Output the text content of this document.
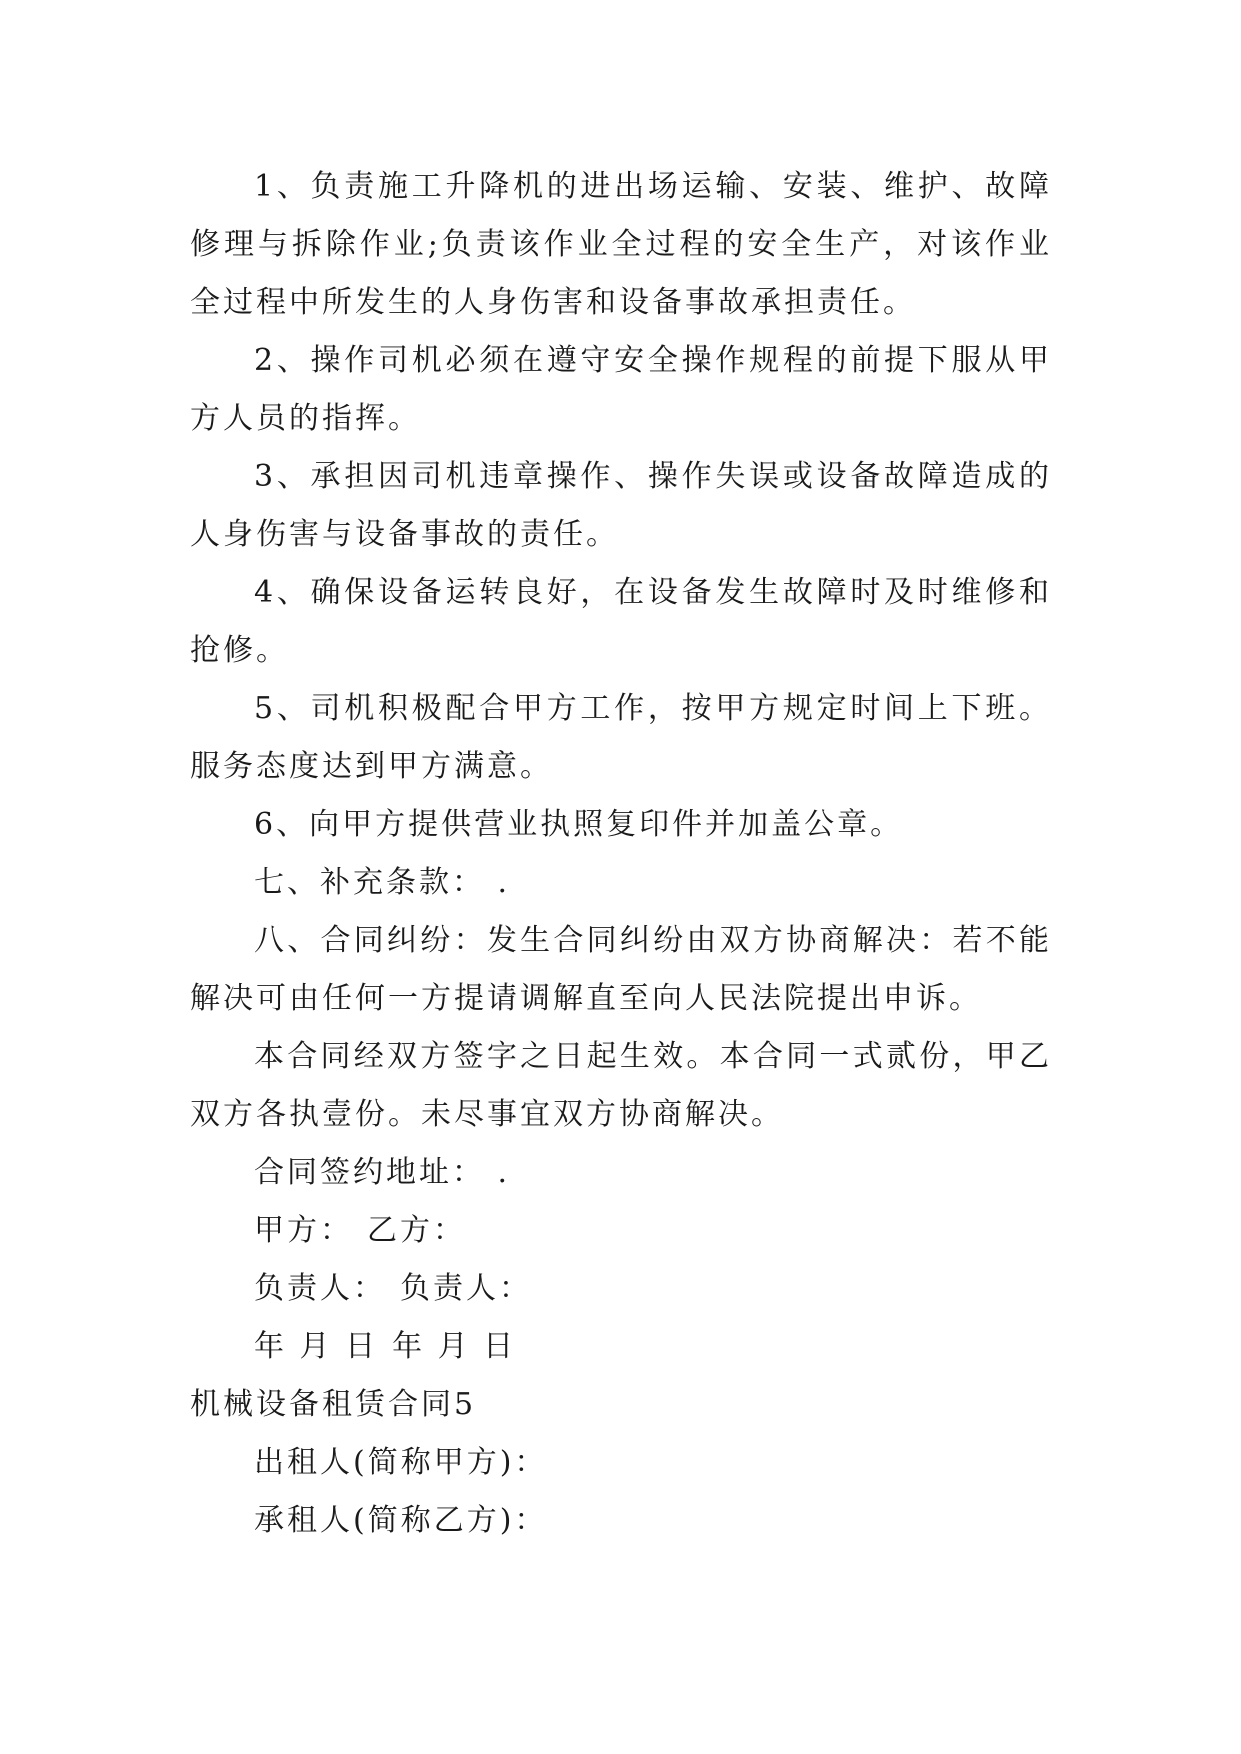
1、负责施工升降机的进出场运输、安装、维护、故障修理与拆除作业;负责该作业全过程的安全生产，对该作业全过程中所发生的人身伤害和设备事故承担责任。

2、操作司机必须在遵守安全操作规程的前提下服从甲方人员的指挥。

3、承担因司机违章操作、操作失误或设备故障造成的人身伤害与设备事故的责任。

4、确保设备运转良好，在设备发生故障时及时维修和抢修。

5、司机积极配合甲方工作，按甲方规定时间上下班。服务态度达到甲方满意。

6、向甲方提供营业执照复印件并加盖公章。

七、补充条款： .

八、合同纠纷：发生合同纠纷由双方协商解决：若不能解决可由任何一方提请调解直至向人民法院提出申诉。

本合同经双方签字之日起生效。本合同一式贰份，甲乙双方各执壹份。未尽事宜双方协商解决。

合同签约地址： .

甲方： 乙方：

负责人： 负责人：

年 月 日 年 月 日

机械设备租赁合同5

出租人(简称甲方)：

承租人(简称乙方)：
